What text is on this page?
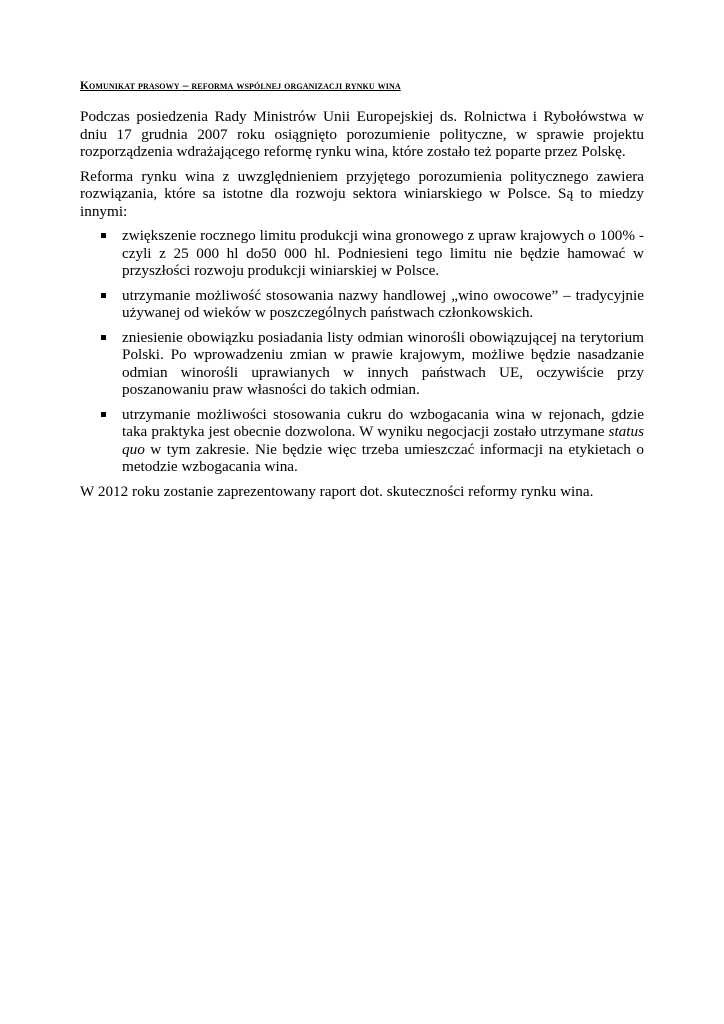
Komunikat prasowy – reforma wspólnej organizacji rynku wina

Podczas posiedzenia Rady Ministrów Unii Europejskiej ds. Rolnictwa i Rybołówstwa w dniu 17 grudnia 2007 roku osiągnięto porozumienie polityczne, w sprawie projektu rozporządzenia wdrażającego reformę rynku wina, które zostało też poparte przez Polskę.

Reforma rynku wina z uwzględnieniem przyjętego porozumienia politycznego zawiera rozwiązania, które sa istotne dla rozwoju sektora winiarskiego w Polsce. Są to miedzy innymi:

zwiększenie rocznego limitu produkcji wina gronowego z upraw krajowych o 100% - czyli z 25 000 hl do50 000 hl. Podniesieni tego limitu nie będzie hamować w przyszłości rozwoju produkcji winiarskiej w Polsce.
utrzymanie możliwość stosowania nazwy handlowej „wino owocowe” – tradycyjnie używanej od wieków w poszczególnych państwach członkowskich.
zniesienie obowiązku posiadania listy odmian winorośli obowiązującej na terytorium Polski. Po wprowadzeniu zmian w prawie krajowym, możliwe będzie nasadzanie odmian winorośli uprawianych w innych państwach UE, oczywiście przy poszanowaniu praw własności do takich odmian.
utrzymanie możliwości stosowania cukru do wzbogacania wina w rejonach, gdzie taka praktyka jest obecnie dozwolona. W wyniku negocjacji zostało utrzymane status quo w tym zakresie. Nie będzie więc trzeba umieszczać informacji na etykietach o metodzie wzbogacania wina.

W 2012 roku zostanie zaprezentowany raport dot. skuteczności reformy rynku wina.
